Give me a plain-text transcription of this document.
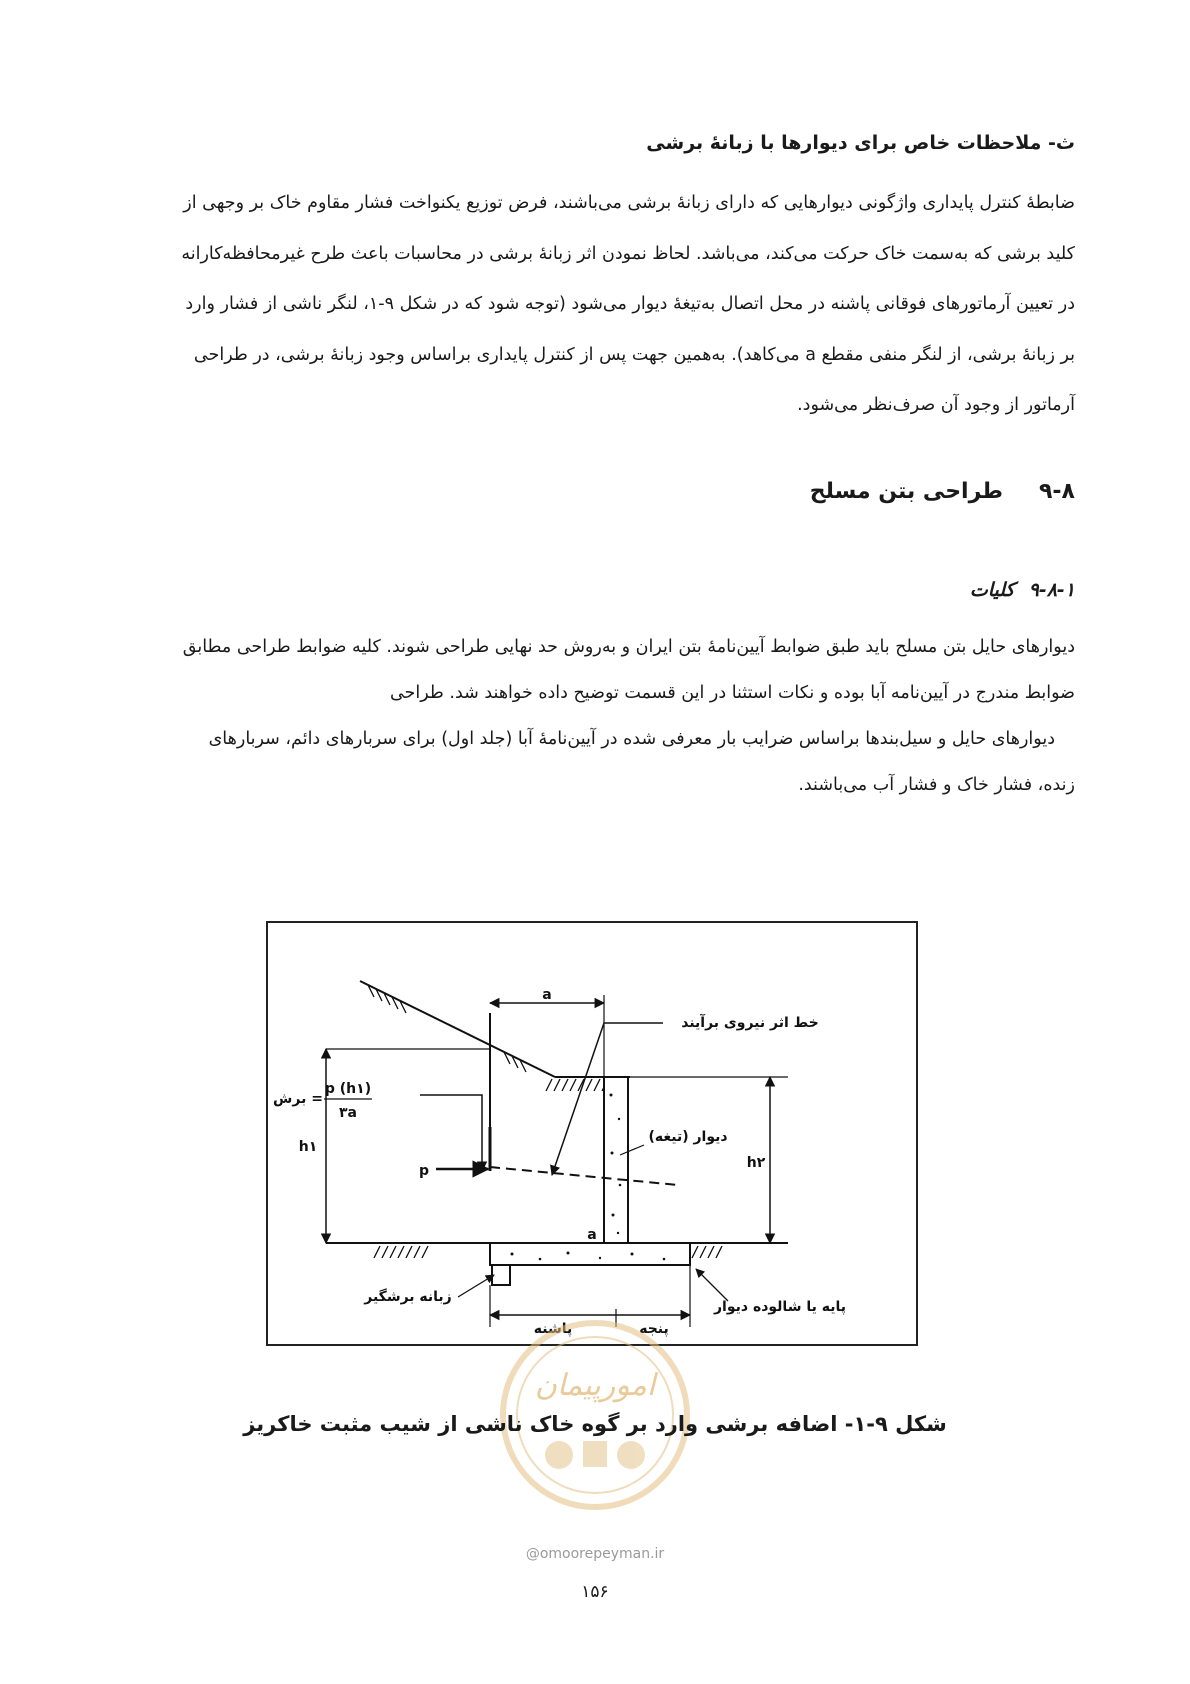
ث- ملاحظات خاص برای دیوارها با زبانهٔ برشی

ضابطهٔ کنترل پایداری واژگونی دیوارهایی که دارای زبانهٔ برشی می‌باشند، فرض توزیع یکنواخت فشار مقاوم خاک بر وجهی از

کلید برشی که به‌سمت خاک حرکت می‌کند، می‌باشد. لحاظ نمودن اثر زبانهٔ برشی در محاسبات باعث طرح غیرمحافظه‌کارانه

در تعیین آرماتورهای فوقانی پاشنه در محل اتصال به‌تیغهٔ دیوار می‌شود (توجه شود که در شکل ۹-۱، لنگر ناشی از فشار وارد

بر زبانهٔ برشی، از لنگر منفی مقطع a می‌کاهد). به‌همین جهت پس از کنترل پایداری براساس وجود زبانهٔ برشی، در طراحی

آرماتور از وجود آن صرف‌نظر می‌شود.

۹-۸طراحی بتن مسلح
۹-۸-۱کلیات

دیوارهای حایل بتن مسلح باید طبق ضوابط آیین‌نامهٔ بتن ایران و به‌روش حد نهایی طراحی شوند. کلیه ضوابط طراحی مطابق

ضوابط مندرج در آیین‌نامه آبا بوده و نکات استثنا در این قسمت توضیح داده خواهند شد. طراحی

دیوارهای حایل و سیل‌بندها براساس ضرایب بار معرفی شده در آیین‌نامهٔ آبا (جلد اول) برای سربارهای دائم، سربارهای

زنده، فشار خاک و فشار آب می‌باشند.

a
خط اثر نیروی برآیند
h۱
= برش
p (h۱)
۳a
p
دیوار (تیغه)
h۲
a
زبانه برشگیر
پایه یا شالوده دیوار
پاشنه	پنجه
امورپیمان
شکل ۹-۱- اضافه برشی وارد بر گوه خاک ناشی از شیب مثبت خاکریز
@omoorepeyman.ir
۱۵۶
